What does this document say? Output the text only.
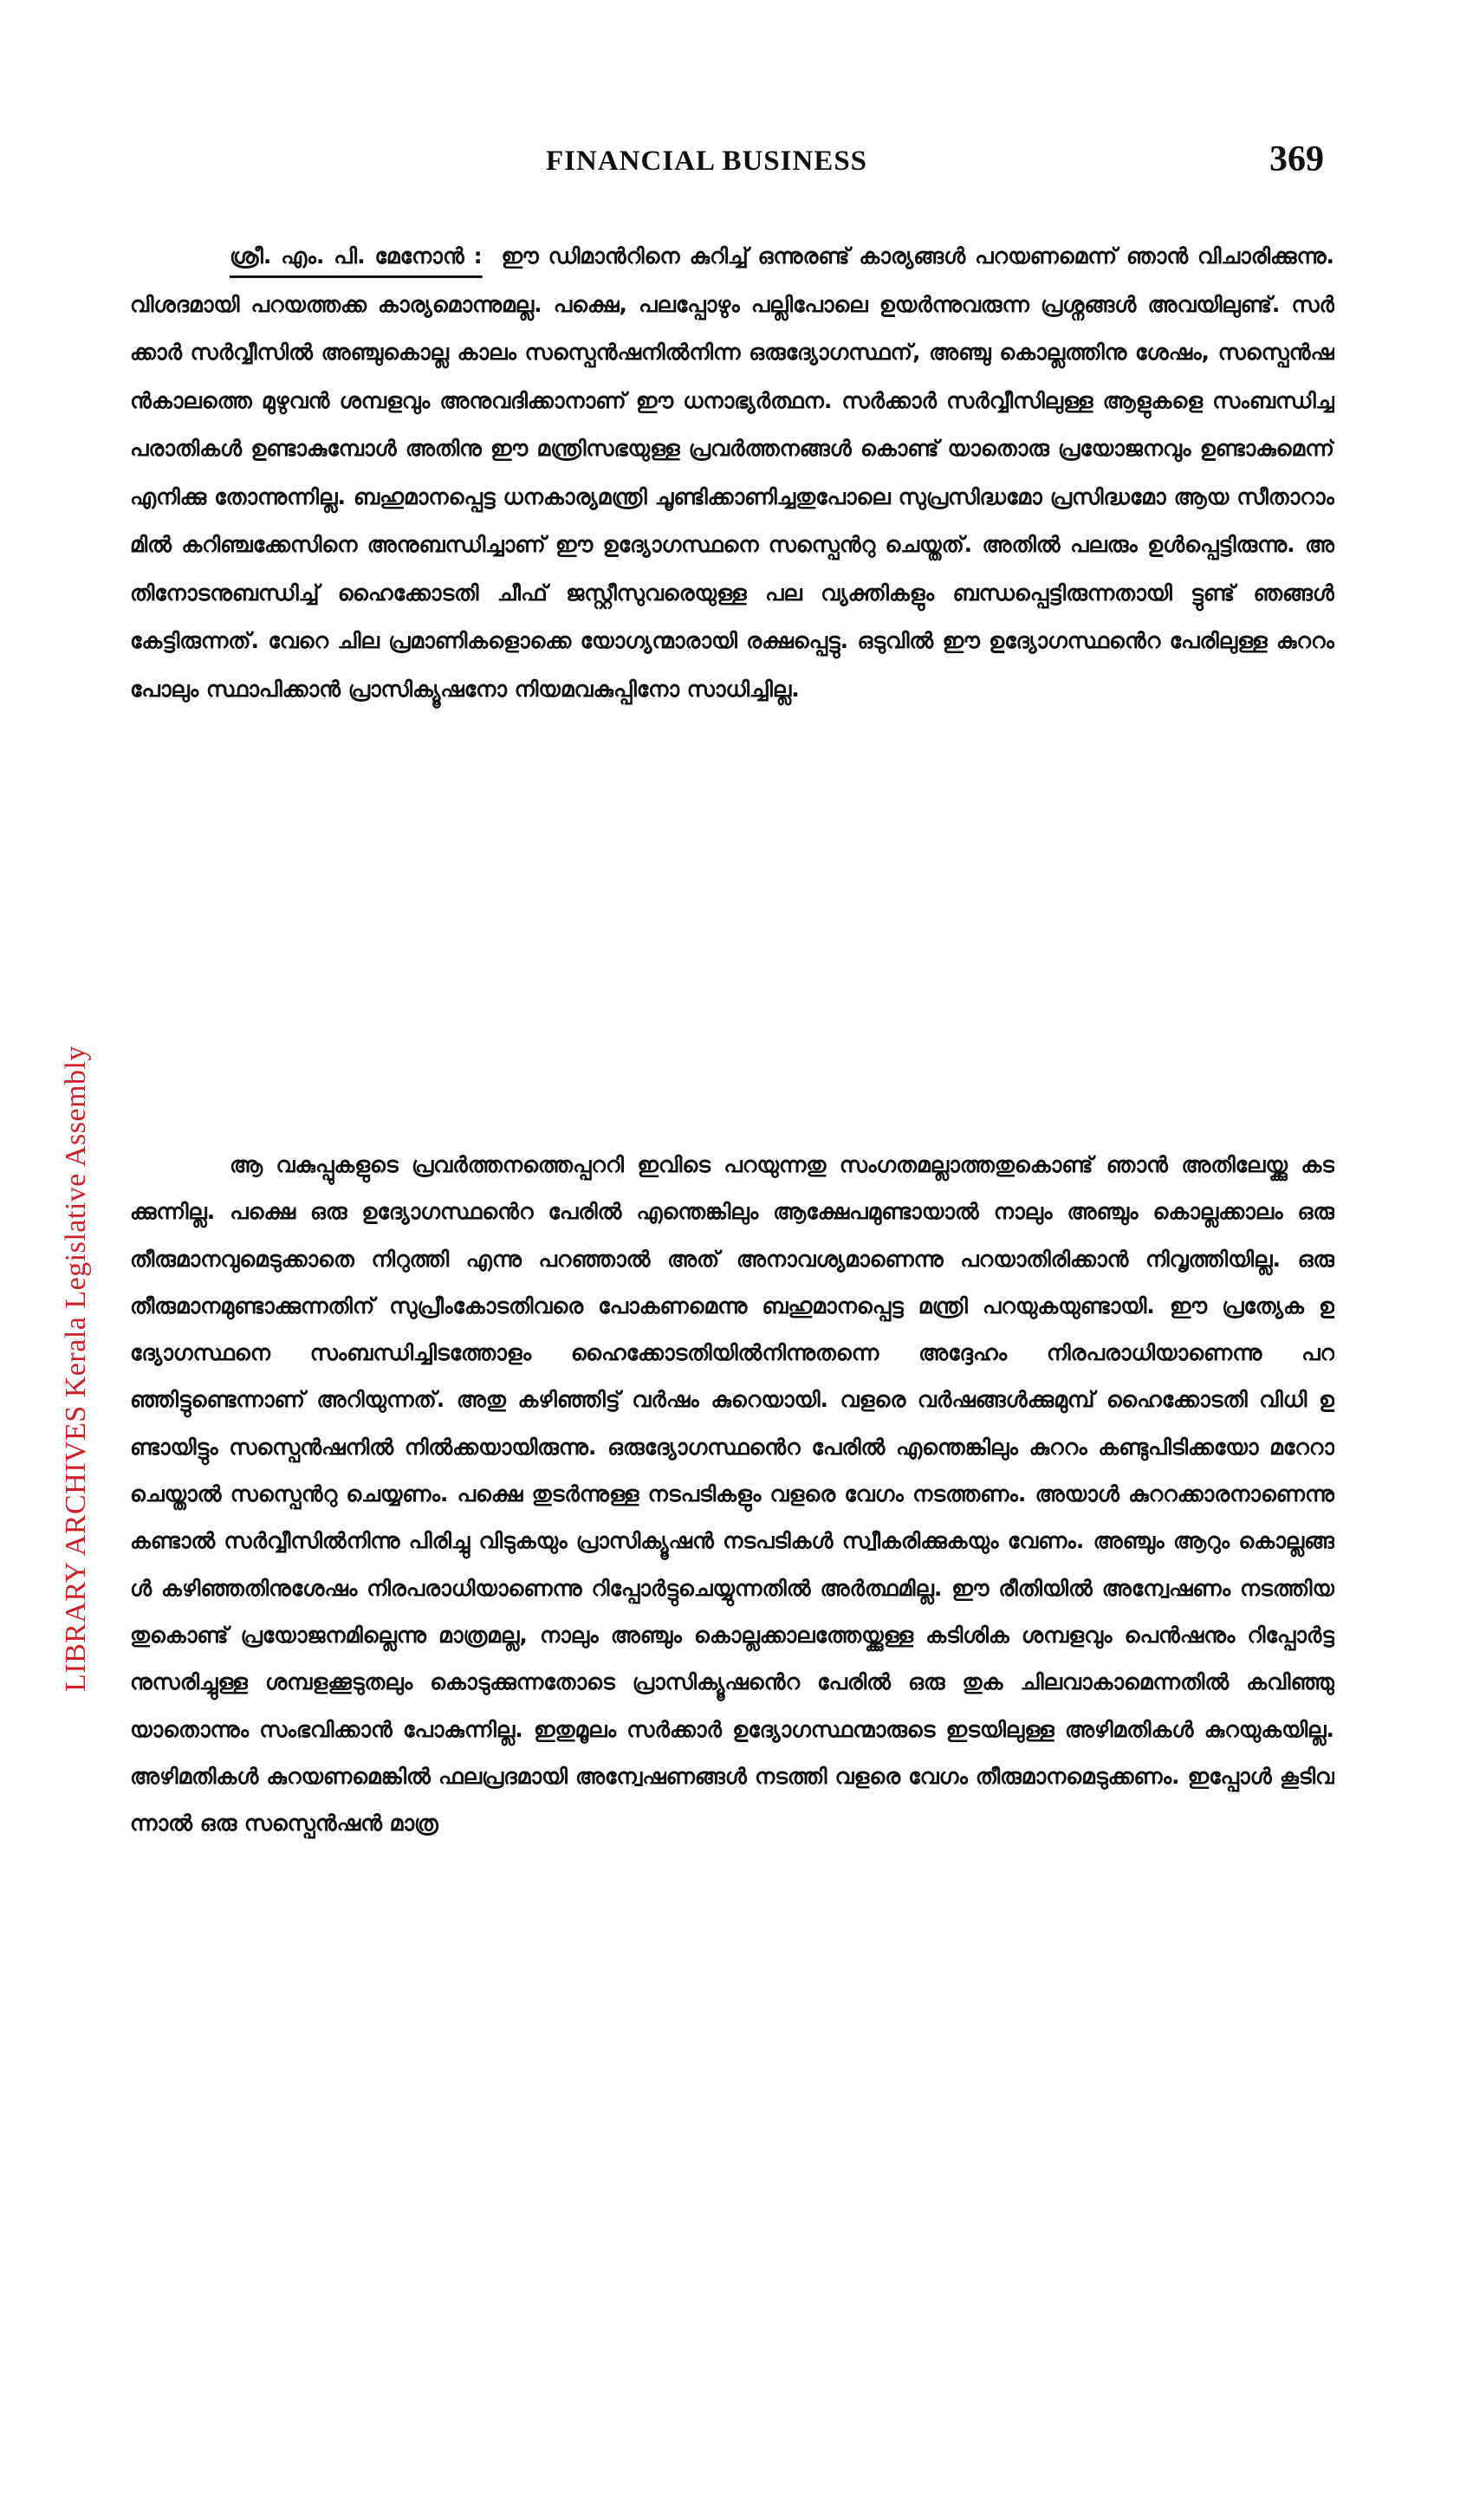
FINANCIAL BUSINESS	369
ശ്രീ. എം. പി. മേനോൻ : ഈ ഡിമാൻറിനെ കുറിച്ച് ഒന്നുരണ്ട് കാര്യങ്ങൾ പറയണമെന്ന് ഞാൻ വിചാരിക്കുന്നു. വിശദമായി പറയത്തക്ക കാര്യമൊന്നുമല്ല. പക്ഷെ, പലപ്പോഴും പല്ലിപോലെ ഉയർന്നുവരുന്ന പ്രശ്നങ്ങൾ അവയിലുണ്ട്. സർക്കാർ സർവ്വീസിൽ അഞ്ചുകൊല്ല കാലം സസ്പെൻഷനിൽനിന്ന ഒരുദ്യോഗസ്ഥന്, അഞ്ചു കൊല്ലത്തിനു ശേഷം, സസ്പെൻഷൻകാലത്തെ മുഴുവൻ ശമ്പളവും അനുവദിക്കാനാണ് ഈ ധനാഭ്യർത്ഥന. സർക്കാർ സർവ്വീസിലുള്ള ആളുകളെ സംബന്ധിച്ച പരാതികൾ ഉണ്ടാകുമ്പോൾ അതിനു ഈ മന്ത്രിസഭയുള്ള പ്രവർത്തനങ്ങൾ കൊണ്ട് യാതൊരു പ്രയോജനവും ഉണ്ടാകുമെന്ന് എനിക്കു തോന്നുന്നില്ല. ബഹുമാനപ്പെട്ട ധനകാര്യമന്ത്രി ചൂണ്ടിക്കാണിച്ചതുപോലെ സുപ്രസിദ്ധമോ പ്രസിദ്ധമോ ആയ സീതാറാം മിൽ കറിഞ്ചക്കേസിനെ അനുബന്ധിച്ചാണ് ഈ ഉദ്യോഗസ്ഥനെ സസ്പെൻറു ചെയ്തത്. അതിൽ പലരും ഉൾപ്പെട്ടിരുന്നു. അതിനോടനുബന്ധിച്ച് ഹൈക്കോടതി ചീഫ് ജസ്റ്റീസുവരെയുള്ള പല വ്യക്തികളും ബന്ധപ്പെട്ടിരുന്നതായി ട്ടുണ്ട് ഞങ്ങൾ കേട്ടിരുന്നത്. വേറെ ചില പ്രമാണികളൊക്കെ യോഗ്യന്മാരായി രക്ഷപ്പെട്ടു. ഒടുവിൽ ഈ ഉദ്യോഗസ്ഥൻെറ പേരിലുള്ള കുററം പോലും സ്ഥാപിക്കാൻ പ്രാസിക്യൂഷനോ നിയമവകുപ്പിനോ സാധിച്ചില്ല.
ആ വകുപ്പുകളുടെ പ്രവർത്തനത്തെപ്പററി ഇവിടെ പറയുന്നതു സംഗതമല്ലാത്തതുകൊണ്ട് ഞാൻ അതിലേയ്ക്കു കടക്കുന്നില്ല. പക്ഷെ ഒരു ഉദ്യോഗസ്ഥൻെറ പേരിൽ എന്തെങ്കിലും ആക്ഷേപമുണ്ടായാൽ നാലും അഞ്ചും കൊല്ലക്കാലം ഒരു തീരുമാനവുമെടുക്കാതെ നിറുത്തി എന്നു പറഞ്ഞാൽ അത് അനാവശ്യമാണെന്നു പറയാതിരിക്കാൻ നിവൃത്തിയില്ല. ഒരു തീരുമാനമുണ്ടാക്കുന്നതിന് സുപ്രീംകോടതിവരെ പോകണമെന്നു ബഹുമാനപ്പെട്ട മന്ത്രി പറയുകയുണ്ടായി. ഈ പ്രത്യേക ഉദ്യോഗസ്ഥനെ സംബന്ധിച്ചിടത്തോളം ഹൈക്കോടതിയിൽനിന്നുതന്നെ അദ്ദേഹം നിരപരാധിയാണെന്നു പറഞ്ഞിട്ടുണ്ടെന്നാണ് അറിയുന്നത്. അതു കഴിഞ്ഞിട്ട് വർഷം കുറെയായി. വളരെ വർഷങ്ങൾക്കുമുമ്പ് ഹൈക്കോടതി വിധി ഉണ്ടായിട്ടും സസ്പെൻഷനിൽ നിൽക്കയായിരുന്നു. ഒരുദ്യോഗസ്ഥൻെറ പേരിൽ എന്തെങ്കിലും കുററം കണ്ടുപിടിക്കയോ മറേറാ ചെയ്താൽ സസ്പെൻറു ചെയ്യണം. പക്ഷെ തുടർന്നുള്ള നടപടികളും വളരെ വേഗം നടത്തണം. അയാൾ കുററക്കാരനാണെന്നു കണ്ടാൽ സർവ്വീസിൽനിന്നു പിരിച്ചു വിടുകയും പ്രാസിക്യൂഷൻ നടപടികൾ സ്വീകരിക്കുകയും വേണം. അഞ്ചും ആറും കൊല്ലങ്ങൾ കഴിഞ്ഞതിനുശേഷം നിരപരാധിയാണെന്നു റിപ്പോർട്ടുചെയ്യുന്നതിൽ അർത്ഥമില്ല. ഈ രീതിയിൽ അന്വേഷണം നടത്തിയതുകൊണ്ട് പ്രയോജനമില്ലെന്നു മാത്രമല്ല, നാലും അഞ്ചും കൊല്ലക്കാലത്തേയ്ക്കുള്ള കടിശിക ശമ്പളവും പെൻഷനും റിപ്പോർട്ടനുസരിച്ചുള്ള ശമ്പളക്കൂടുതലും കൊടുക്കുന്നതോടെ പ്രാസിക്യൂഷൻെറ പേരിൽ ഒരു തുക ചിലവാകാമെന്നതിൽ കവിഞ്ഞു യാതൊന്നും സംഭവിക്കാൻ പോകുന്നില്ല. ഇതുമൂലം സർക്കാർ ഉദ്യോഗസ്ഥന്മാരുടെ ഇടയിലുള്ള അഴിമതികൾ കുറയുകയില്ല. അഴിമതികൾ കുറയണമെങ്കിൽ ഫലപ്രദമായി അന്വേഷണങ്ങൾ നടത്തി വളരെ വേഗം തീരുമാനമെടുക്കണം. ഇപ്പോൾ കൂടിവന്നാൽ ഒരു സസ്പെൻഷൻ മാത്ര
LIBRARY ARCHIVES Kerala Legislative Assembly
